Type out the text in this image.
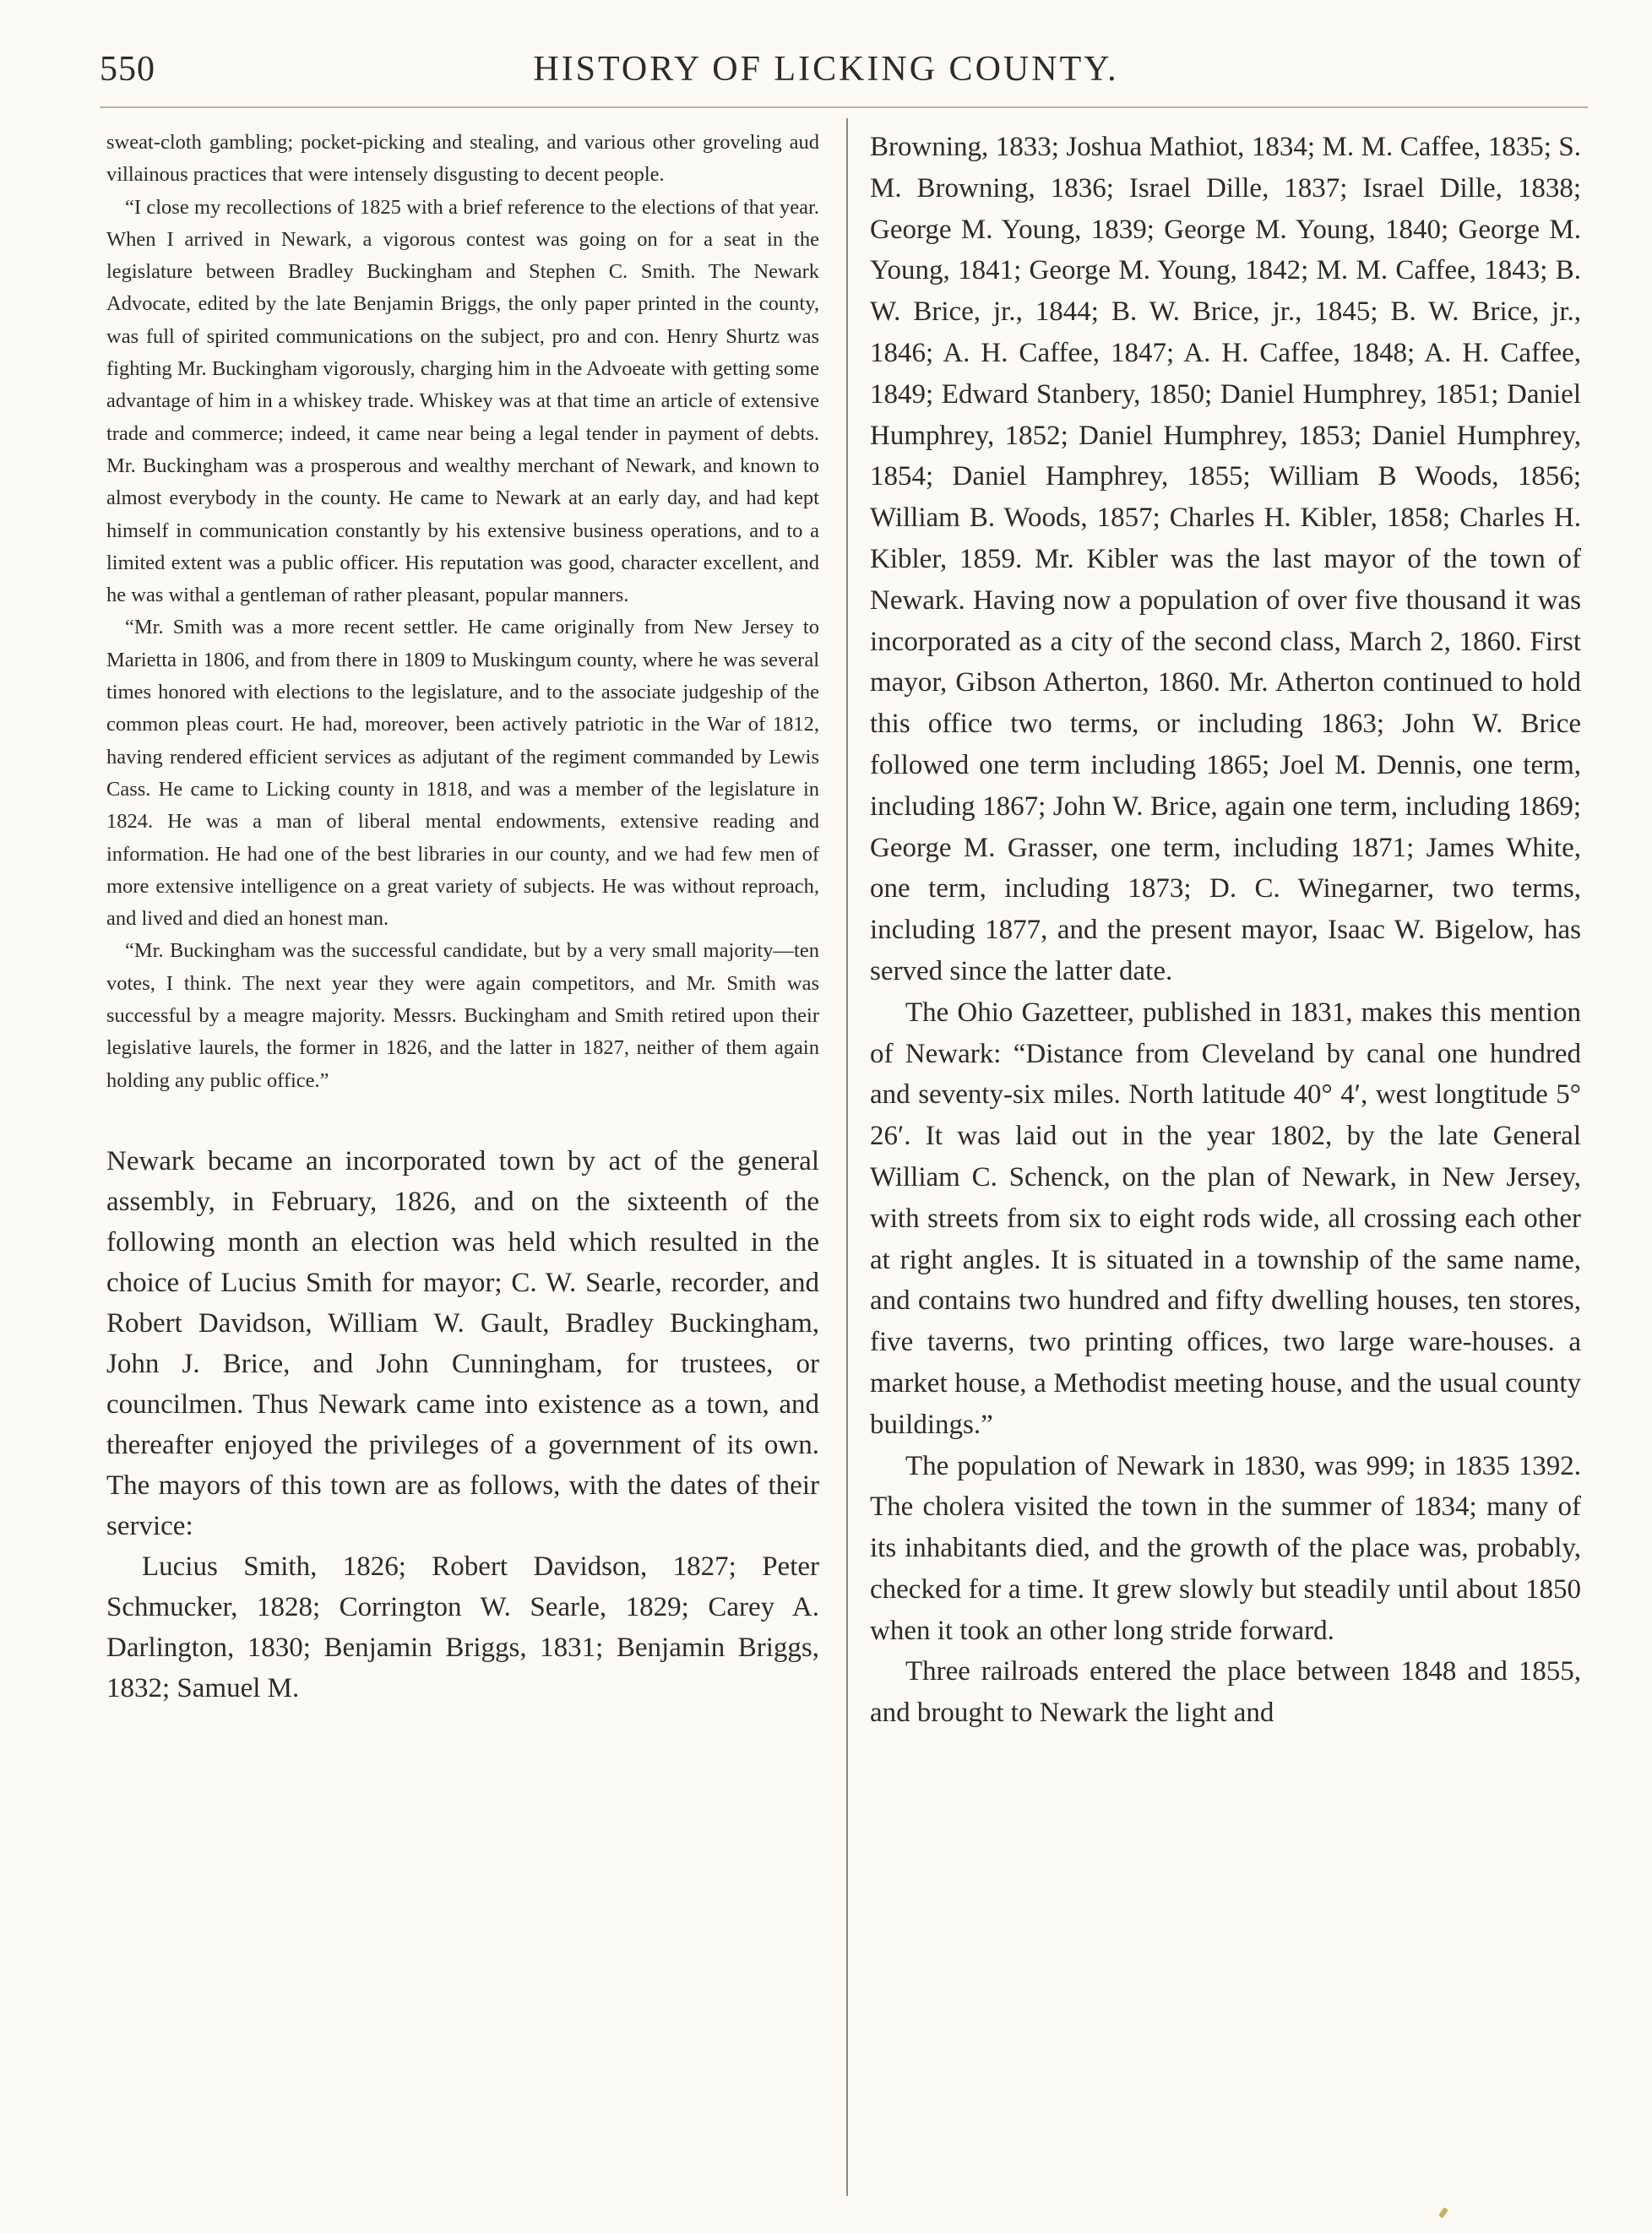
550	HISTORY OF LICKING COUNTY.

sweat-cloth gambling; pocket-picking and stealing, and various other groveling aud villainous practices that were intensely disgusting to decent people.

“I close my recollections of 1825 with a brief reference to the elections of that year. When I arrived in Newark, a vigorous contest was going on for a seat in the legislature between Bradley Buckingham and Stephen C. Smith. The Newark Advocate, edited by the late Benjamin Briggs, the only paper printed in the county, was full of spirited communications on the subject, pro and con. Henry Shurtz was fighting Mr. Buckingham vigorously, charging him in the Advoeate with getting some advantage of him in a whiskey trade. Whiskey was at that time an article of extensive trade and commerce; indeed, it came near being a legal tender in payment of debts. Mr. Buckingham was a prosperous and wealthy merchant of Newark, and known to almost everybody in the county. He came to Newark at an early day, and had kept himself in communication constantly by his extensive business operations, and to a limited extent was a public officer. His reputation was good, character excellent, and he was withal a gentleman of rather pleasant, popular manners.

“Mr. Smith was a more recent settler. He came originally from New Jersey to Marietta in 1806, and from there in 1809 to Muskingum county, where he was several times honored with elections to the legislature, and to the associate judgeship of the common pleas court. He had, moreover, been actively patriotic in the War of 1812, having rendered efficient services as adjutant of the regiment commanded by Lewis Cass. He came to Licking county in 1818, and was a member of the legislature in 1824. He was a man of liberal mental endowments, extensive reading and information. He had one of the best libraries in our county, and we had few men of more extensive intelligence on a great variety of subjects. He was without reproach, and lived and died an honest man.

“Mr. Buckingham was the successful candidate, but by a very small majority—ten votes, I think. The next year they were again competitors, and Mr. Smith was successful by a meagre majority. Messrs. Buckingham and Smith retired upon their legislative laurels, the former in 1826, and the latter in 1827, neither of them again holding any public office.”

Newark became an incorporated town by act of the general assembly, in February, 1826, and on the sixteenth of the following month an election was held which resulted in the choice of Lucius Smith for mayor; C. W. Searle, recorder, and Robert Davidson, William W. Gault, Bradley Buckingham, John J. Brice, and John Cunningham, for trustees, or councilmen. Thus Newark came into existence as a town, and thereafter enjoyed the privileges of a government of its own. The mayors of this town are as follows, with the dates of their service:

Lucius Smith, 1826; Robert Davidson, 1827; Peter Schmucker, 1828; Corrington W. Searle, 1829; Carey A. Darlington, 1830; Benjamin Briggs, 1831; Benjamin Briggs, 1832; Samuel M.

Browning, 1833; Joshua Mathiot, 1834; M. M. Caffee, 1835; S. M. Browning, 1836; Israel Dille, 1837; Israel Dille, 1838; George M. Young, 1839; George M. Young, 1840; George M. Young, 1841; George M. Young, 1842; M. M. Caffee, 1843; B. W. Brice, jr., 1844; B. W. Brice, jr., 1845; B. W. Brice, jr., 1846; A. H. Caffee, 1847; A. H. Caffee, 1848; A. H. Caffee, 1849; Edward Stanbery, 1850; Daniel Humphrey, 1851; Daniel Humphrey, 1852; Daniel Humphrey, 1853; Daniel Humphrey, 1854; Daniel Hamphrey, 1855; William B Woods, 1856; William B. Woods, 1857; Charles H. Kibler, 1858; Charles H. Kibler, 1859. Mr. Kibler was the last mayor of the town of Newark. Having now a population of over five thousand it was incorporated as a city of the second class, March 2, 1860. First mayor, Gibson Atherton, 1860. Mr. Atherton continued to hold this office two terms, or including 1863; John W. Brice followed one term including 1865; Joel M. Dennis, one term, including 1867; John W. Brice, again one term, including 1869; George M. Grasser, one term, including 1871; James White, one term, including 1873; D. C. Winegarner, two terms, including 1877, and the present mayor, Isaac W. Bigelow, has served since the latter date.

The Ohio Gazetteer, published in 1831, makes this mention of Newark: “Distance from Cleveland by canal one hundred and seventy-six miles. North latitude 40° 4′, west longtitude 5° 26′. It was laid out in the year 1802, by the late General William C. Schenck, on the plan of Newark, in New Jersey, with streets from six to eight rods wide, all crossing each other at right angles. It is situated in a township of the same name, and contains two hundred and fifty dwelling houses, ten stores, five taverns, two printing offices, two large ware-houses. a market house, a Methodist meeting house, and the usual county buildings.”

The population of Newark in 1830, was 999; in 1835 1392. The cholera visited the town in the summer of 1834; many of its inhabitants died, and the growth of the place was, probably, checked for a time. It grew slowly but steadily until about 1850 when it took an other long stride forward.

Three railroads entered the place between 1848 and 1855, and brought to Newark the light and
